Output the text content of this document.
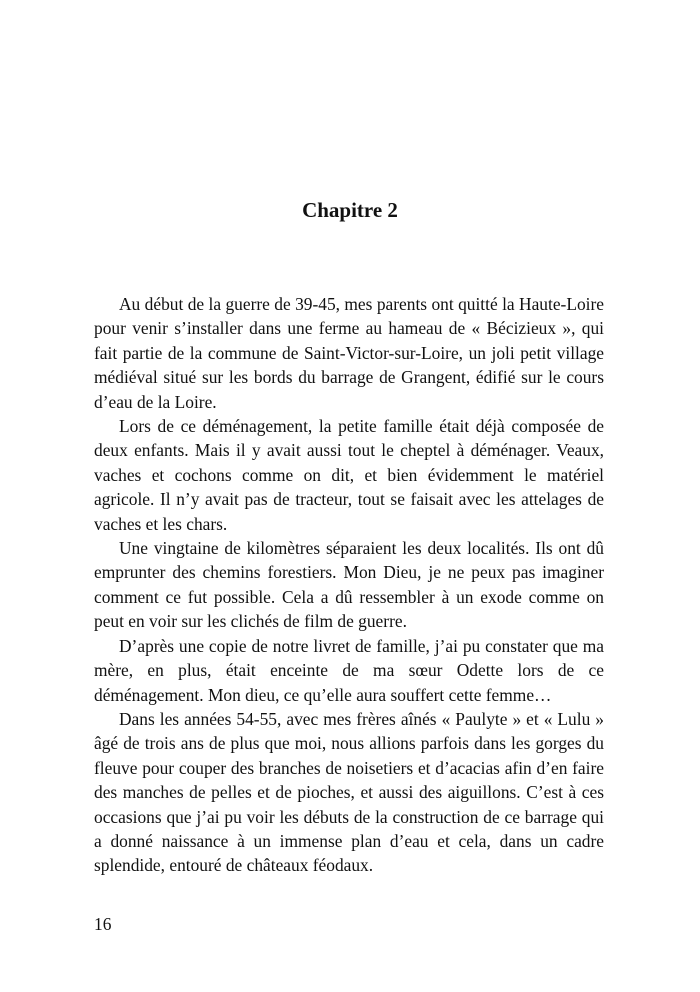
Chapitre 2

Au début de la guerre de 39-45, mes parents ont quitté la Haute-Loire pour venir s’installer dans une ferme au hameau de « Bécizieux », qui fait partie de la commune de Saint-Victor-sur-Loire, un joli petit village médiéval situé sur les bords du barrage de Grangent, édifié sur le cours d’eau de la Loire.

Lors de ce déménagement, la petite famille était déjà composée de deux enfants. Mais il y avait aussi tout le cheptel à déménager. Veaux, vaches et cochons comme on dit, et bien évidemment le matériel agricole. Il n’y avait pas de tracteur, tout se faisait avec les attelages de vaches et les chars.

Une vingtaine de kilomètres séparaient les deux localités. Ils ont dû emprunter des chemins forestiers. Mon Dieu, je ne peux pas imaginer comment ce fut possible. Cela a dû ressembler à un exode comme on peut en voir sur les clichés de film de guerre.

D’après une copie de notre livret de famille, j’ai pu constater que ma mère, en plus, était enceinte de ma sœur Odette lors de ce déménagement. Mon dieu, ce qu’elle aura souffert cette femme…

Dans les années 54-55, avec mes frères aînés « Paulyte » et « Lulu » âgé de trois ans de plus que moi, nous allions parfois dans les gorges du fleuve pour couper des branches de noisetiers et d’acacias afin d’en faire des manches de pelles et de pioches, et aussi des aiguillons. C’est à ces occasions que j’ai pu voir les débuts de la construction de ce barrage qui a donné naissance à un immense plan d’eau et cela, dans un cadre splendide, entouré de châteaux féodaux.

16
